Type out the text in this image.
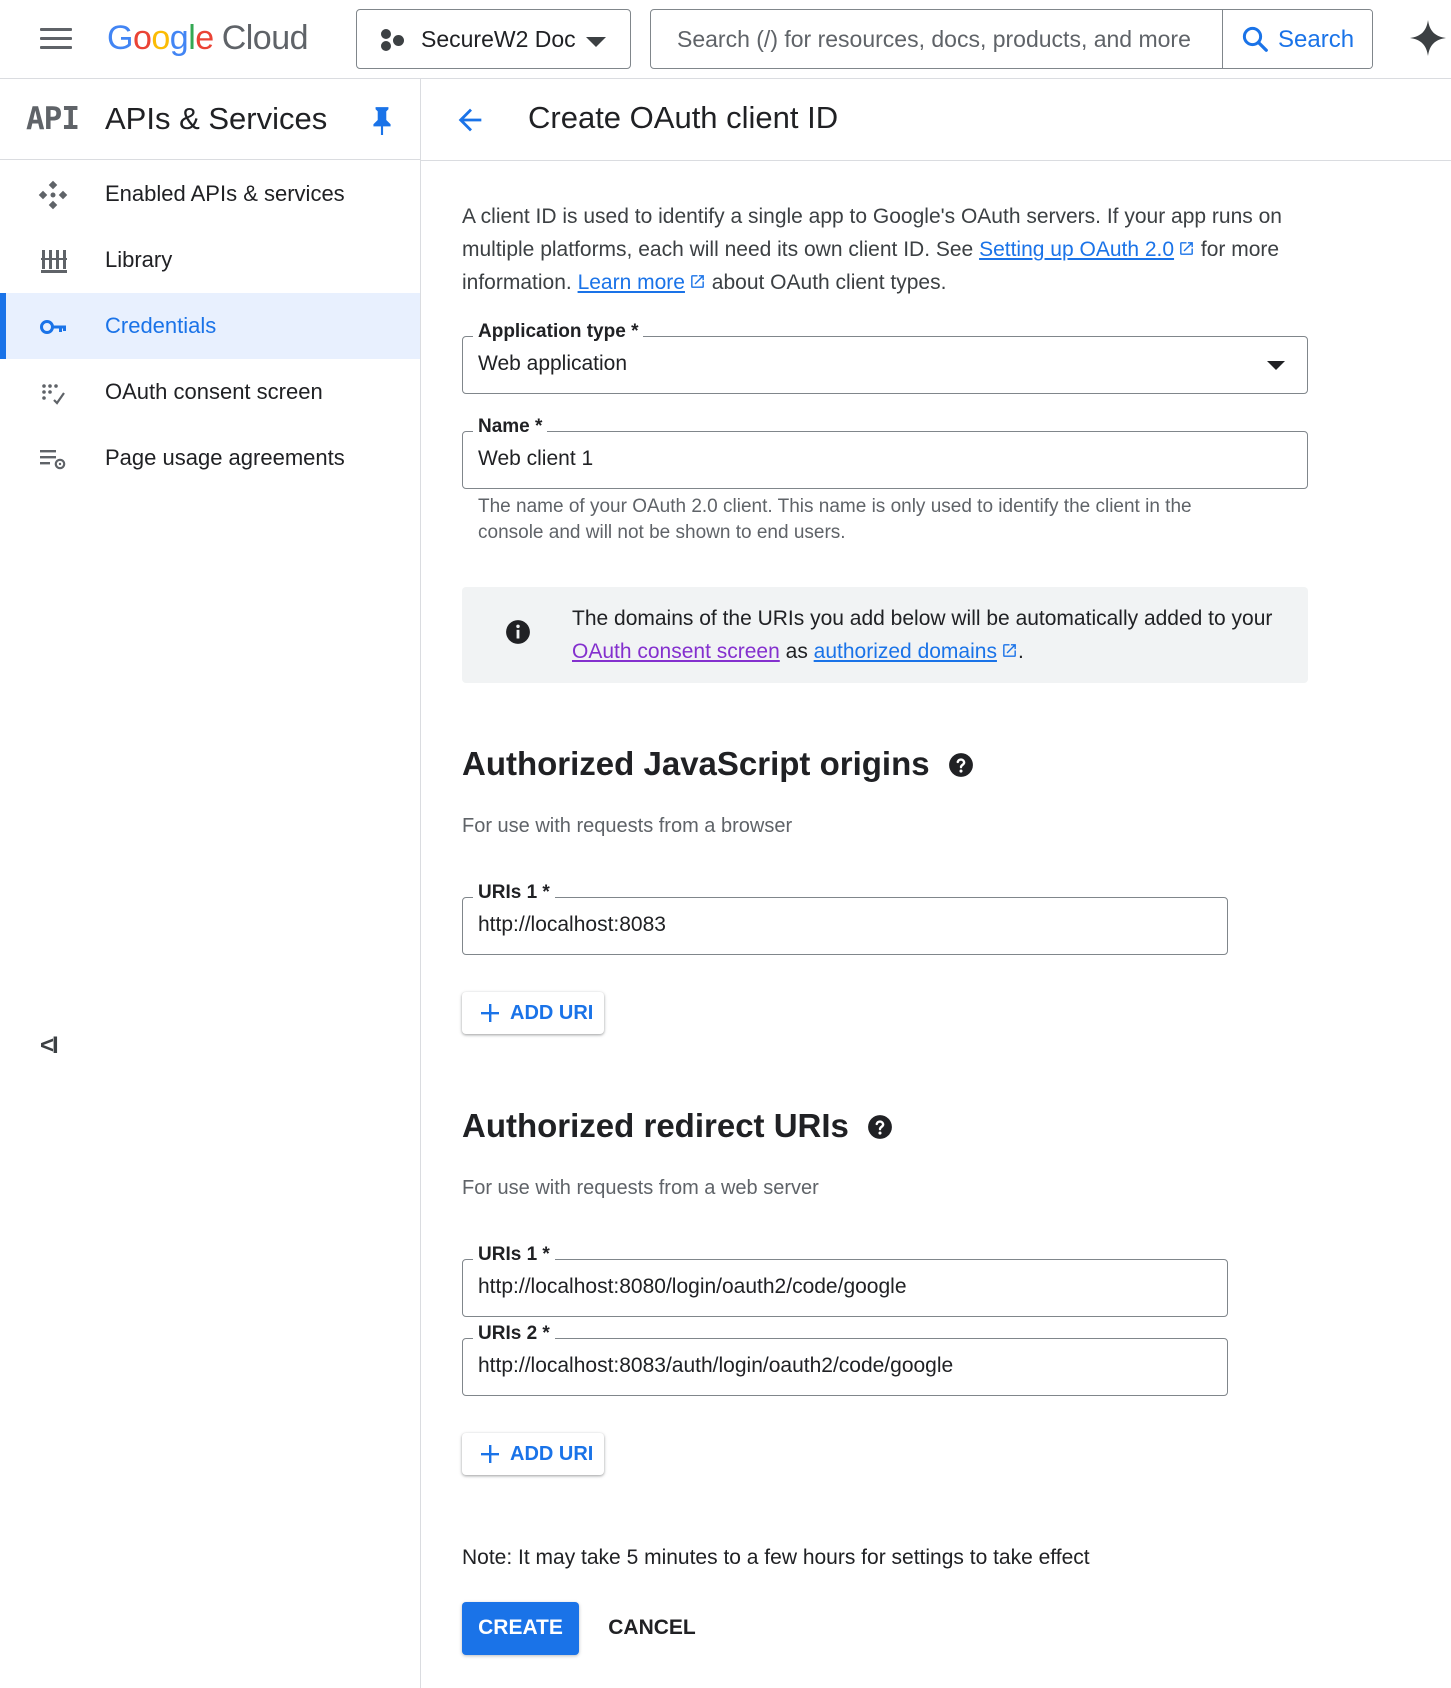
Google Cloud	SecureW2 Doc
Search (/) for resources, docs, products, and more	Search
API APIs & Services
Enabled APIs & services
Library
Credentials
OAuth consent screen
Page usage agreements
<I
Create OAuth client ID

A client ID is used to identify a single app to Google's OAuth servers. If your app runs on multiple platforms, each will need its own client ID. See Setting up OAuth 2.0 for more information. Learn more about OAuth client types.

Application type *
Web application
Name *
Web client 1

The name of your OAuth 2.0 client. This name is only used to identify the client in the console and will not be shown to end users.

The domains of the URIs you add below will be automatically added to your OAuth consent screen as authorized domains .

Authorized JavaScript origins

For use with requests from a browser

URIs 1 *
http://localhost:8083
ADD URI
Authorized redirect URIs

For use with requests from a web server

URIs 1 *
http://localhost:8080/login/oauth2/code/google
URIs 2 *
http://localhost:8083/auth/login/oauth2/code/google
ADD URI

Note: It may take 5 minutes to a few hours for settings to take effect

CREATE	CANCEL
